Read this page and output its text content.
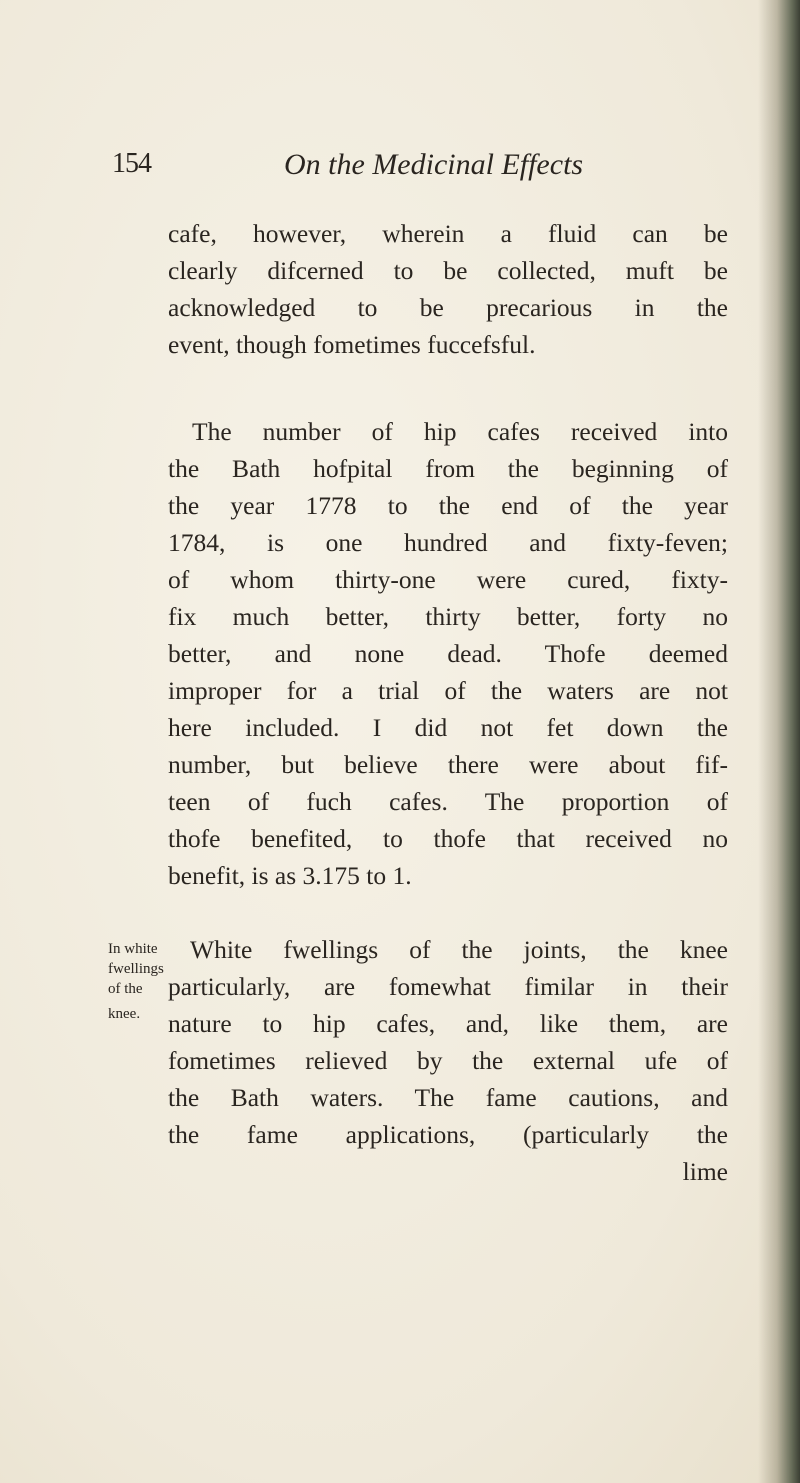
154	On the Medicinal Effects
cafe, however, wherein a fluid can be
clearly difcerned to be collected, muft be
acknowledged to be precarious in the
event, though fometimes fuccefsful.
The number of hip cafes received into
the Bath hofpital from the beginning of
the year 1778 to the end of the year
1784, is one hundred and fixty-feven;
of whom thirty-one were cured, fixty-
fix much better, thirty better, forty no
better, and none dead. Thofe deemed
improper for a trial of the waters are not
here included. I did not fet down the
number, but believe there were about fif-
teen of fuch cafes. The proportion of
thofe benefited, to thofe that received no
benefit, is as 3.175 to 1.
In white
fwellings
of the
knee.
White fwellings of the joints, the knee
particularly, are fomewhat fimilar in their
nature to hip cafes, and, like them, are
fometimes relieved by the external ufe of
the Bath waters. The fame cautions, and
the fame applications, (particularly the
lime
